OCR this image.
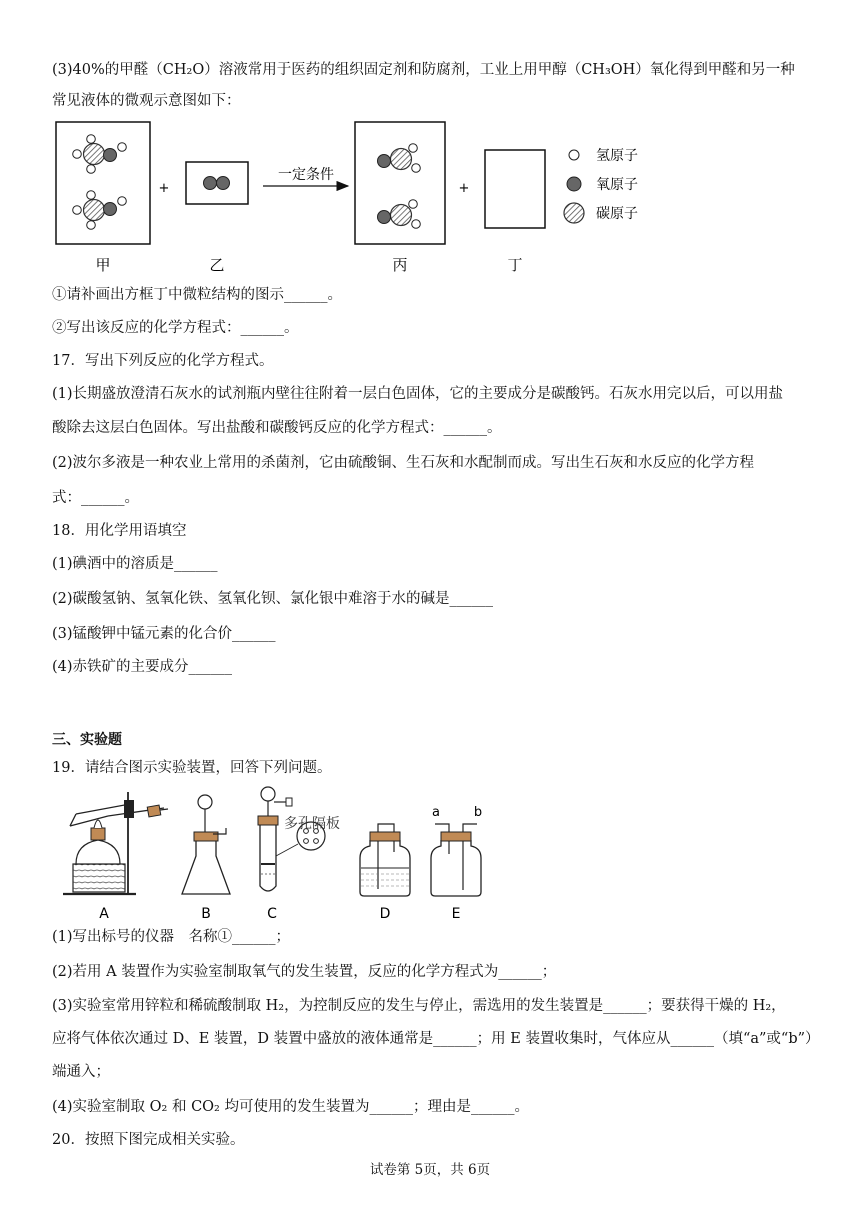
(3)40%的甲醛（CH₂O）溶液常用于医药的组织固定剂和防腐剂，工业上用甲醇（CH₃OH）氧化得到甲醛和另一种
常见液体的微观示意图如下：
+
一定条件
+
氢原子
氧原子
碳原子
甲	乙	丙	丁
①请补画出方框丁中微粒结构的图示______。
②写出该反应的化学方程式：______。
17．写出下列反应的化学方程式。
(1)长期盛放澄清石灰水的试剂瓶内壁往往附着一层白色固体，它的主要成分是碳酸钙。石灰水用完以后，可以用盐
酸除去这层白色固体。写出盐酸和碳酸钙反应的化学方程式：______。
(2)波尔多液是一种农业上常用的杀菌剂，它由硫酸铜、生石灰和水配制而成。写出生石灰和水反应的化学方程
式：______。
18．用化学用语填空
(1)碘酒中的溶质是______
(2)碳酸氢钠、氢氧化铁、氢氧化钡、氯化银中难溶于水的碱是______
(3)锰酸钾中锰元素的化合价______
(4)赤铁矿的主要成分______
三、实验题
19．请结合图示实验装置，回答下列问题。
A	B
多孔隔板
C	D
a	b
E
(1)写出标号的仪器　名称①______；
(2)若用 A 装置作为实验室制取氧气的发生装置，反应的化学方程式为______；
(3)实验室常用锌粒和稀硫酸制取 H₂，为控制反应的发生与停止，需选用的发生装置是______；要获得干燥的 H₂，
应将气体依次通过 D、E 装置，D 装置中盛放的液体通常是______；用 E 装置收集时，气体应从______（填“a”或“b”）
端通入；
(4)实验室制取 O₂ 和 CO₂ 均可使用的发生装置为______；理由是______。
20．按照下图完成相关实验。
试卷第 5页，共 6页
